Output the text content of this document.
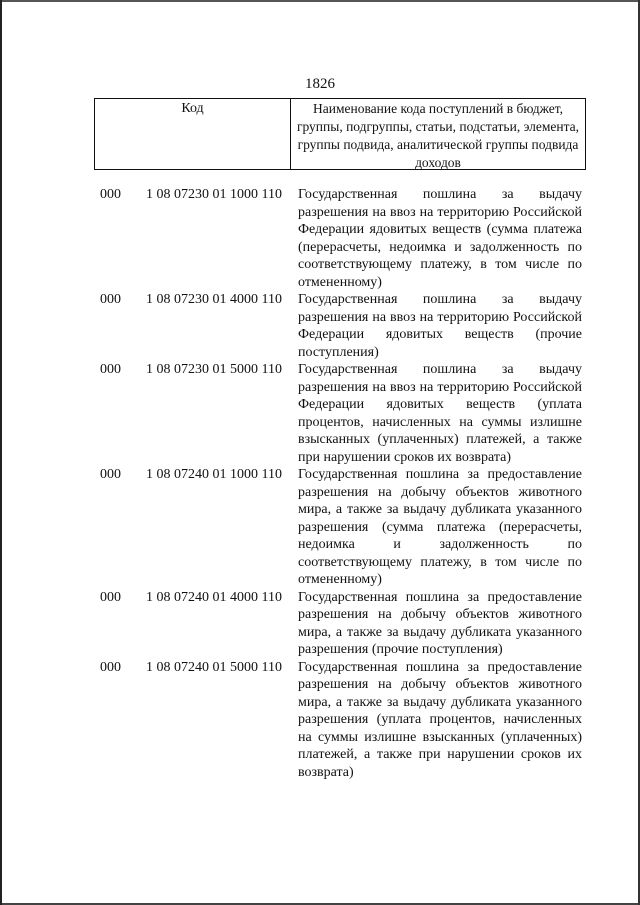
1826
Код	Наименование кода поступлений в бюджет, группы, подгруппы, статьи, подстатьи, элемента, группы подвида, аналитической группы подвида доходов
000	1 08 07230 01 1000 110	Государственная пошлина за выдачу разрешения на ввоз на территорию Российской Федерации ядовитых веществ (сумма платежа (перерасчеты, недоимка и задолженность по соответствующему платежу, в том числе по отмененному)
000	1 08 07230 01 4000 110	Государственная пошлина за выдачу разрешения на ввоз на территорию Российской Федерации ядовитых веществ (прочие поступления)
000	1 08 07230 01 5000 110	Государственная пошлина за выдачу разрешения на ввоз на территорию Российской Федерации ядовитых веществ (уплата процентов, начисленных на суммы излишне взысканных (уплаченных) платежей, а также при нарушении сроков их возврата)
000	1 08 07240 01 1000 110	Государственная пошлина за предоставление разрешения на добычу объектов животного мира, а также за выдачу дубликата указанного разрешения (сумма платежа (перерасчеты, недоимка и задолженность по соответствующему платежу, в том числе по отмененному)
000	1 08 07240 01 4000 110	Государственная пошлина за предоставление разрешения на добычу объектов животного мира, а также за выдачу дубликата указанного разрешения (прочие поступления)
000	1 08 07240 01 5000 110	Государственная пошлина за предоставление разрешения на добычу объектов животного мира, а также за выдачу дубликата указанного разрешения (уплата процентов, начисленных на суммы излишне взысканных (уплаченных) платежей, а также при нарушении сроков их возврата)
